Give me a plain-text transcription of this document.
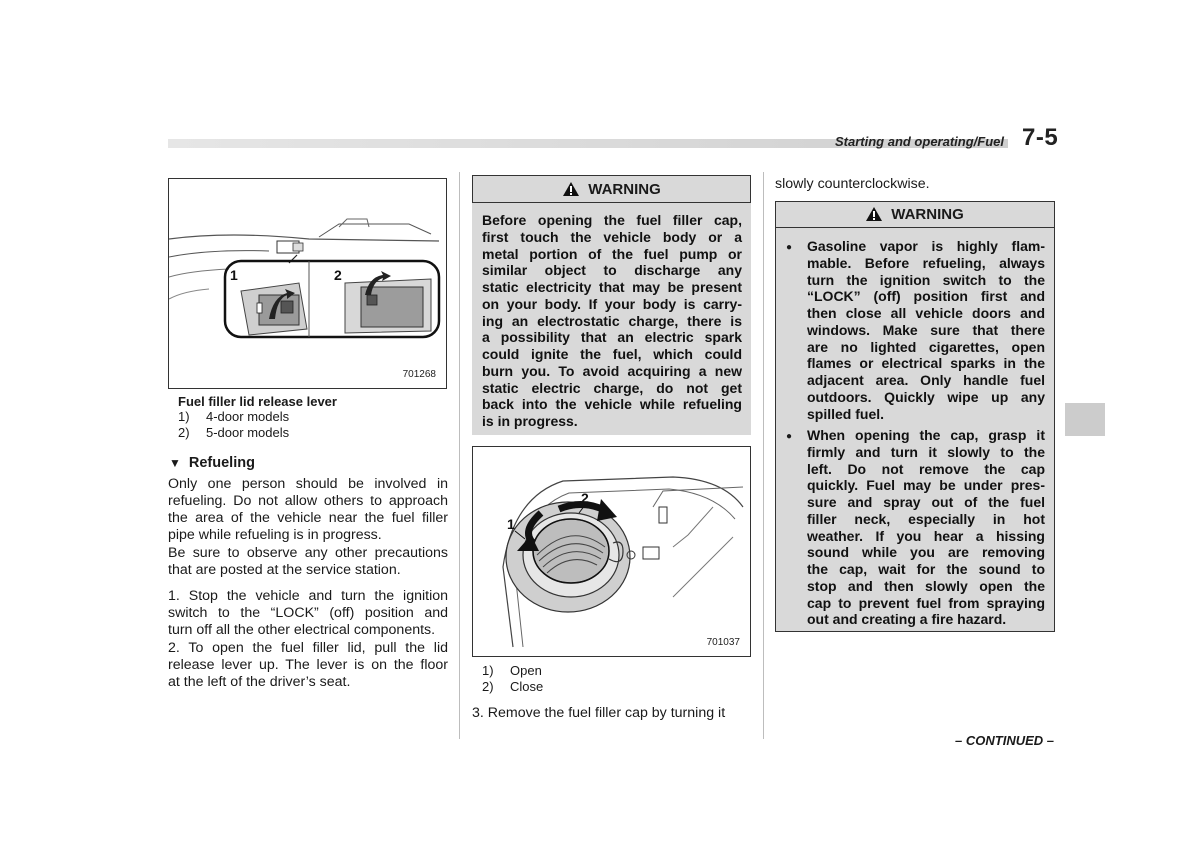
Starting and operating/Fuel 7-5
1	2
701268
Fuel filler lid release lever
1) 4-door models
2) 5-door models
▼ Refueling
Only one person should be involved in
refueling. Do not allow others to approach
the area of the vehicle near the fuel filler
pipe while refueling is in progress.
Be sure to observe any other precautions
that are posted at the service station.
1. Stop the vehicle and turn the ignition
switch to the “LOCK” (off) position and
turn off all the other electrical components.
2. To open the fuel filler lid, pull the lid
release lever up. The lever is on the floor
at the left of the driver’s seat.
WARNING
Before opening the fuel filler cap,
first touch the vehicle body or a
metal portion of the fuel pump or
similar object to discharge any
static electricity that may be present
on your body. If your body is carry-
ing an electrostatic charge, there is
a possibility that an electric spark
could ignite the fuel, which could
burn you. To avoid acquiring a new
static electric charge, do not get
back into the vehicle while refueling
is in progress.
1
2
701037
1) Open
2) Close
3. Remove the fuel filler cap by turning it
slowly counterclockwise.
WARNING
● Gasoline vapor is highly flam-
mable. Before refueling, always
turn the ignition switch to the
“LOCK” (off) position first and
then close all vehicle doors and
windows. Make sure that there
are no lighted cigarettes, open
flames or electrical sparks in the
adjacent area. Only handle fuel
outdoors. Quickly wipe up any
spilled fuel.
● When opening the cap, grasp it
firmly and turn it slowly to the
left. Do not remove the cap
quickly. Fuel may be under pres-
sure and spray out of the fuel
filler neck, especially in hot
weather. If you hear a hissing
sound while you are removing
the cap, wait for the sound to
stop and then slowly open the
cap to prevent fuel from spraying
out and creating a fire hazard.
– CONTINUED –
